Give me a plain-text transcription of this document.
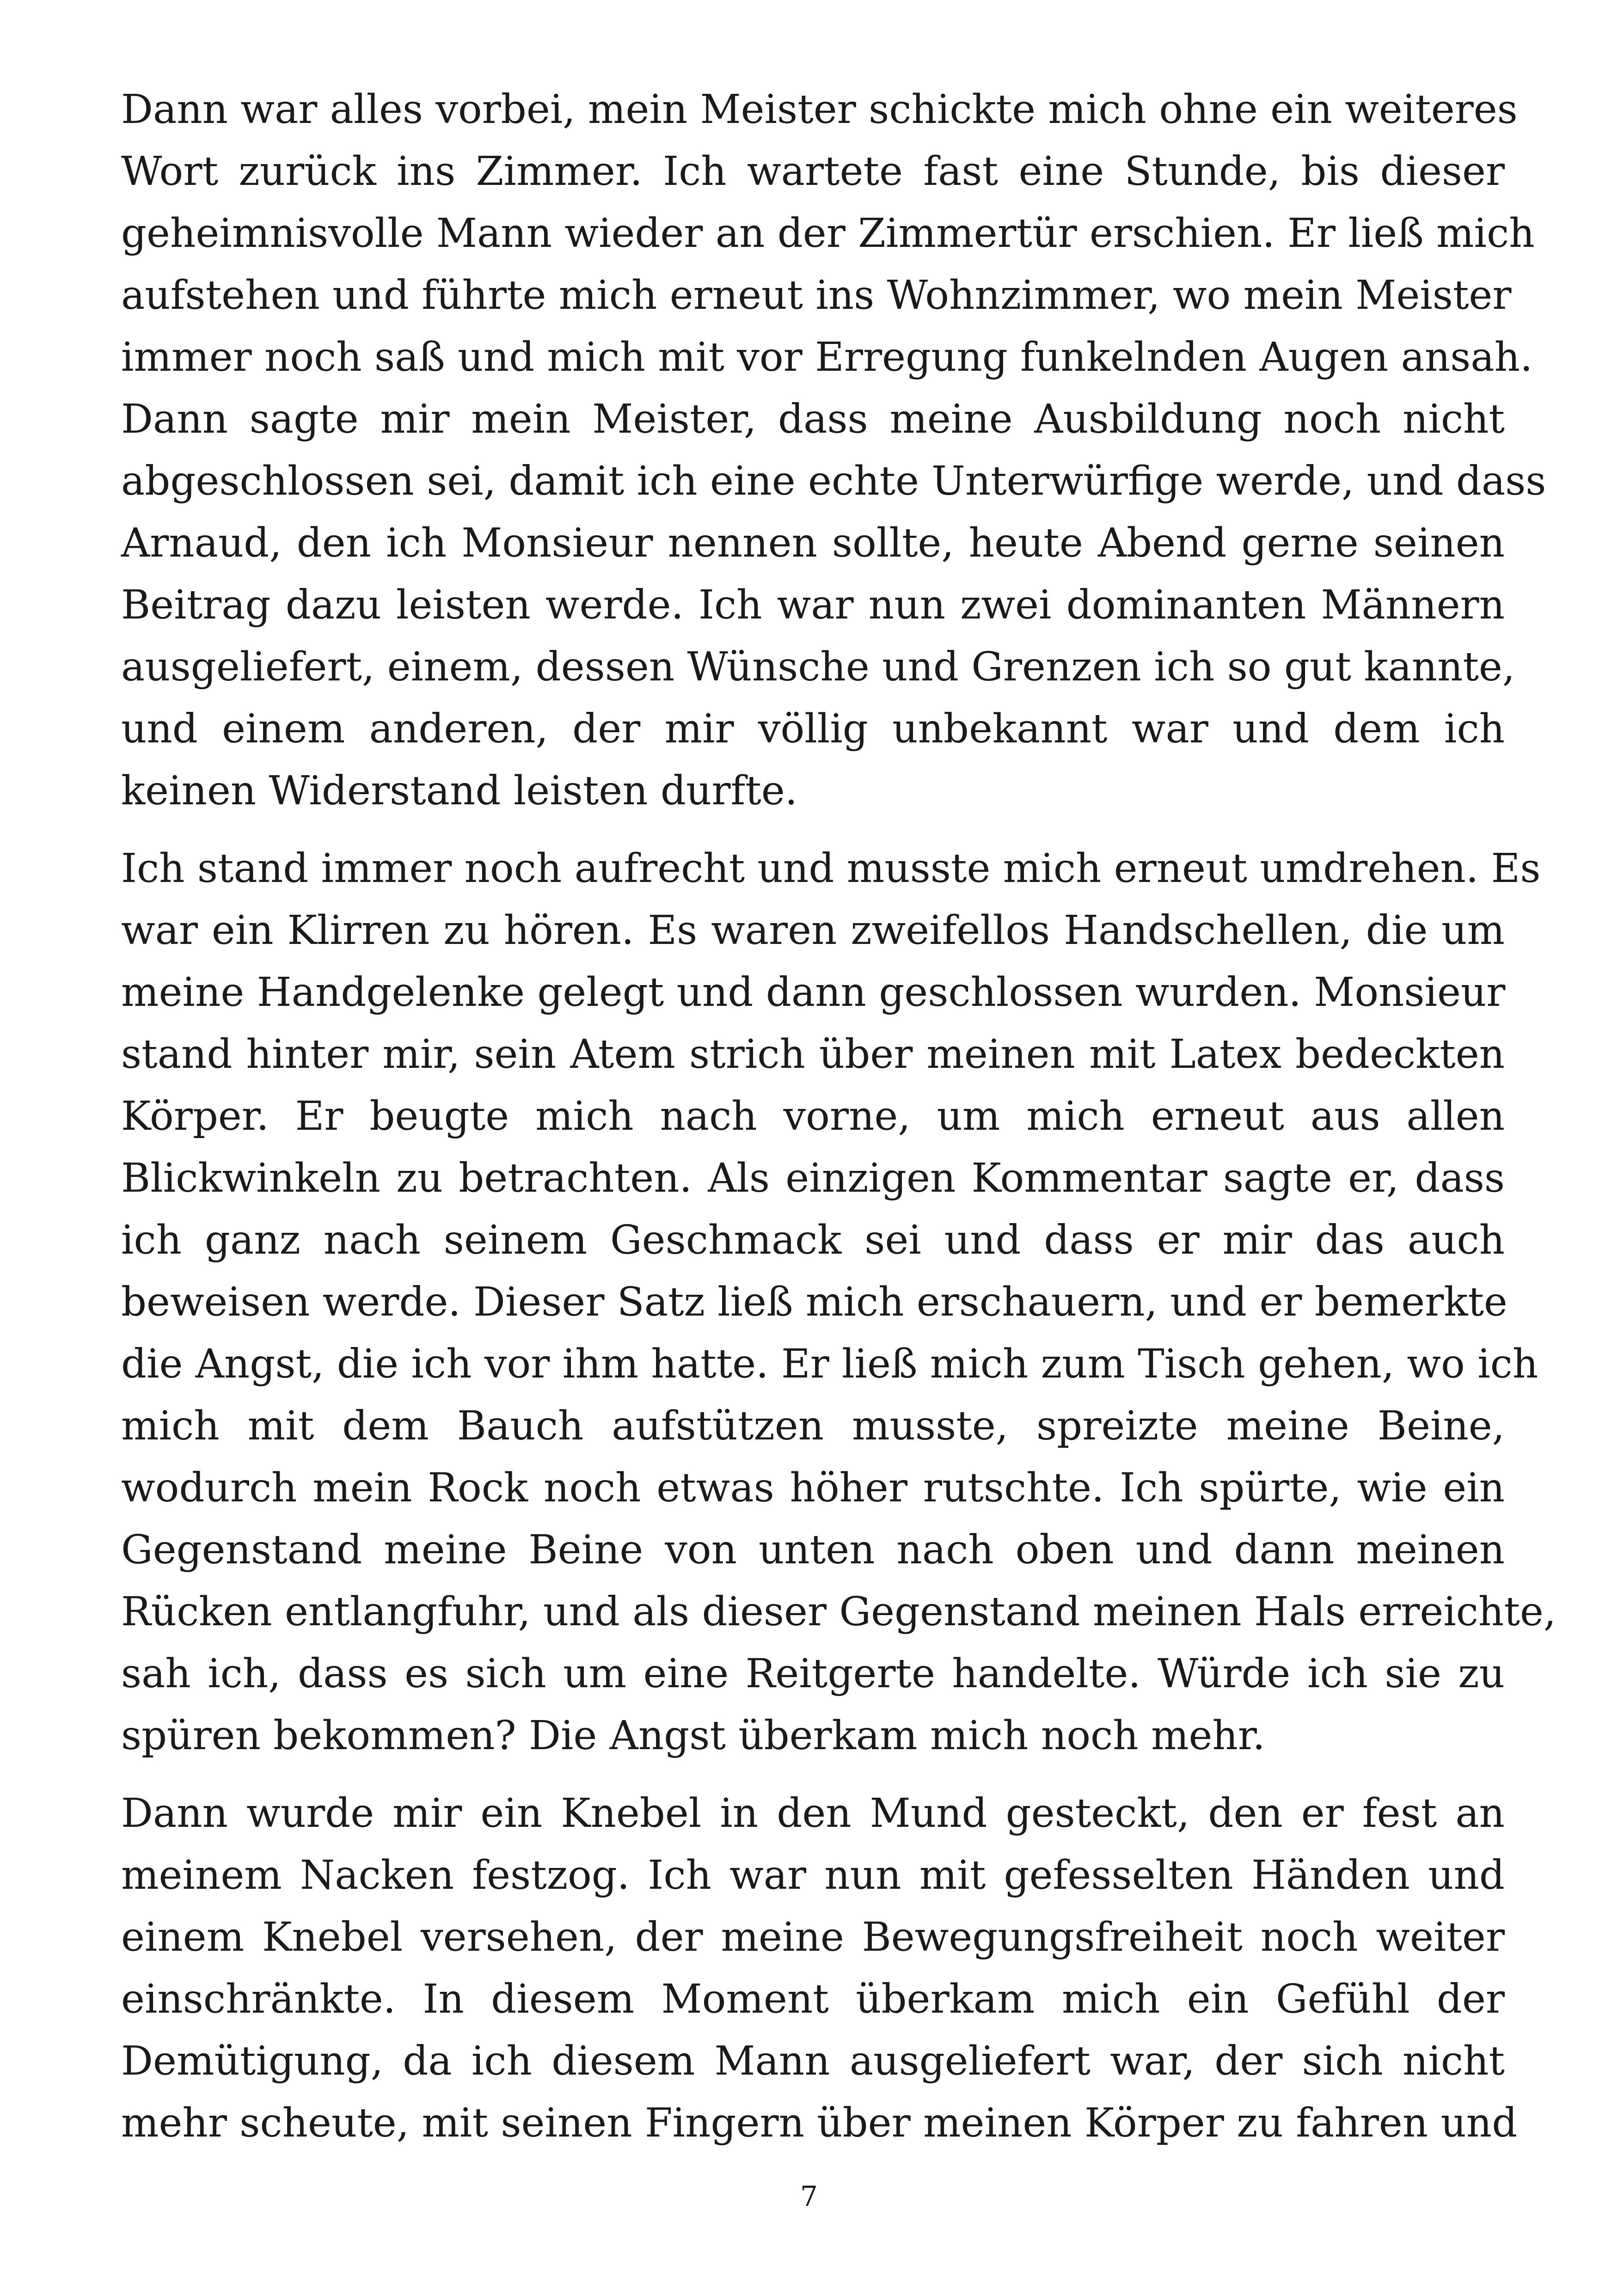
Dann war alles vorbei, mein Meister schickte mich ohne ein weiteres
Wort zurück ins Zimmer. Ich wartete fast eine Stunde, bis dieser
geheimnisvolle Mann wieder an der Zimmertür erschien. Er ließ mich
aufstehen und führte mich erneut ins Wohnzimmer, wo mein Meister
immer noch saß und mich mit vor Erregung funkelnden Augen ansah.
Dann sagte mir mein Meister, dass meine Ausbildung noch nicht
abgeschlossen sei, damit ich eine echte Unterwürfige werde, und dass
Arnaud, den ich Monsieur nennen sollte, heute Abend gerne seinen
Beitrag dazu leisten werde. Ich war nun zwei dominanten Männern
ausgeliefert, einem, dessen Wünsche und Grenzen ich so gut kannte,
und einem anderen, der mir völlig unbekannt war und dem ich
keinen Widerstand leisten durfte.
Ich stand immer noch aufrecht und musste mich erneut umdrehen. Es
war ein Klirren zu hören. Es waren zweifellos Handschellen, die um
meine Handgelenke gelegt und dann geschlossen wurden. Monsieur
stand hinter mir, sein Atem strich über meinen mit Latex bedeckten
Körper. Er beugte mich nach vorne, um mich erneut aus allen
Blickwinkeln zu betrachten. Als einzigen Kommentar sagte er, dass
ich ganz nach seinem Geschmack sei und dass er mir das auch
beweisen werde. Dieser Satz ließ mich erschauern, und er bemerkte
die Angst, die ich vor ihm hatte. Er ließ mich zum Tisch gehen, wo ich
mich mit dem Bauch aufstützen musste, spreizte meine Beine,
wodurch mein Rock noch etwas höher rutschte. Ich spürte, wie ein
Gegenstand meine Beine von unten nach oben und dann meinen
Rücken entlangfuhr, und als dieser Gegenstand meinen Hals erreichte,
sah ich, dass es sich um eine Reitgerte handelte. Würde ich sie zu
spüren bekommen? Die Angst überkam mich noch mehr.
Dann wurde mir ein Knebel in den Mund gesteckt, den er fest an
meinem Nacken festzog. Ich war nun mit gefesselten Händen und
einem Knebel versehen, der meine Bewegungsfreiheit noch weiter
einschränkte. In diesem Moment überkam mich ein Gefühl der
Demütigung, da ich diesem Mann ausgeliefert war, der sich nicht
mehr scheute, mit seinen Fingern über meinen Körper zu fahren und
7
